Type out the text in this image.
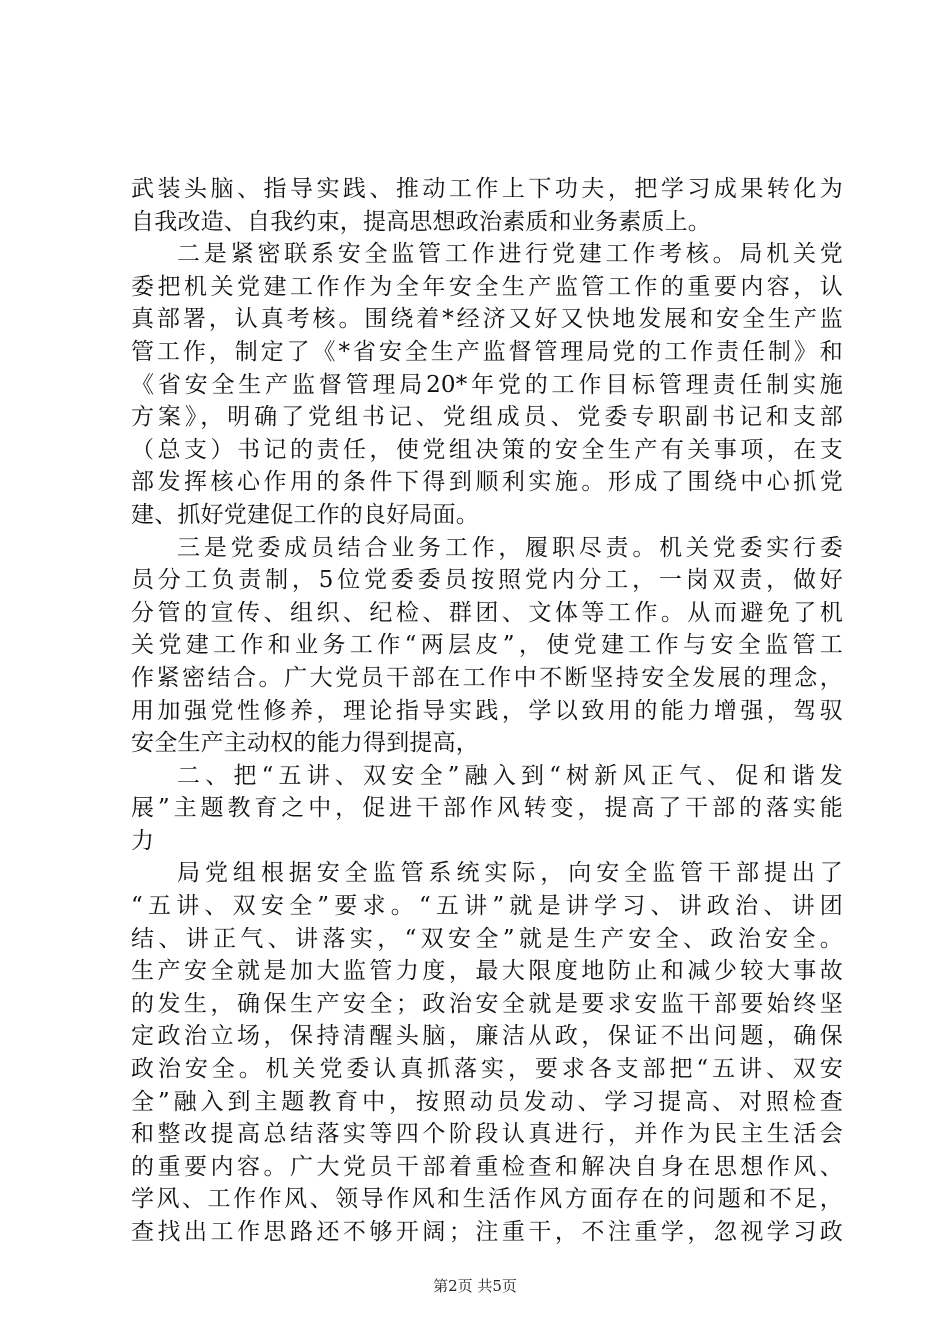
武装头脑、指导实践、推动工作上下功夫，把学习成果转化为
自我改造、自我约束，提高思想政治素质和业务素质上。
二是紧密联系安全监管工作进行党建工作考核。局机关党
委把机关党建工作作为全年安全生产监管工作的重要内容，认
真部署，认真考核。围绕着*经济又好又快地发展和安全生产监
管工作，制定了《*省安全生产监督管理局党的工作责任制》和
《省安全生产监督管理局20*年党的工作目标管理责任制实施
方案》，明确了党组书记、党组成员、党委专职副书记和支部
（总支）书记的责任，使党组决策的安全生产有关事项，在支
部发挥核心作用的条件下得到顺利实施。形成了围绕中心抓党
建、抓好党建促工作的良好局面。
三是党委成员结合业务工作，履职尽责。机关党委实行委
员分工负责制，5位党委委员按照党内分工，一岗双责，做好
分管的宣传、组织、纪检、群团、文体等工作。从而避免了机
关党建工作和业务工作“两层皮”，使党建工作与安全监管工
作紧密结合。广大党员干部在工作中不断坚持安全发展的理念，
用加强党性修养，理论指导实践，学以致用的能力增强，驾驭
安全生产主动权的能力得到提高，
二、把“五讲、双安全”融入到“树新风正气、促和谐发
展”主题教育之中，促进干部作风转变，提高了干部的落实能
力
局党组根据安全监管系统实际，向安全监管干部提出了
“五讲、双安全”要求。“五讲”就是讲学习、讲政治、讲团
结、讲正气、讲落实，“双安全”就是生产安全、政治安全。
生产安全就是加大监管力度，最大限度地防止和减少较大事故
的发生，确保生产安全；政治安全就是要求安监干部要始终坚
定政治立场，保持清醒头脑，廉洁从政，保证不出问题，确保
政治安全。机关党委认真抓落实，要求各支部把“五讲、双安
全”融入到主题教育中，按照动员发动、学习提高、对照检查
和整改提高总结落实等四个阶段认真进行，并作为民主生活会
的重要内容。广大党员干部着重检查和解决自身在思想作风、
学风、工作作风、领导作风和生活作风方面存在的问题和不足，
查找出工作思路还不够开阔；注重干，不注重学，忽视学习政
第2页 共5页
